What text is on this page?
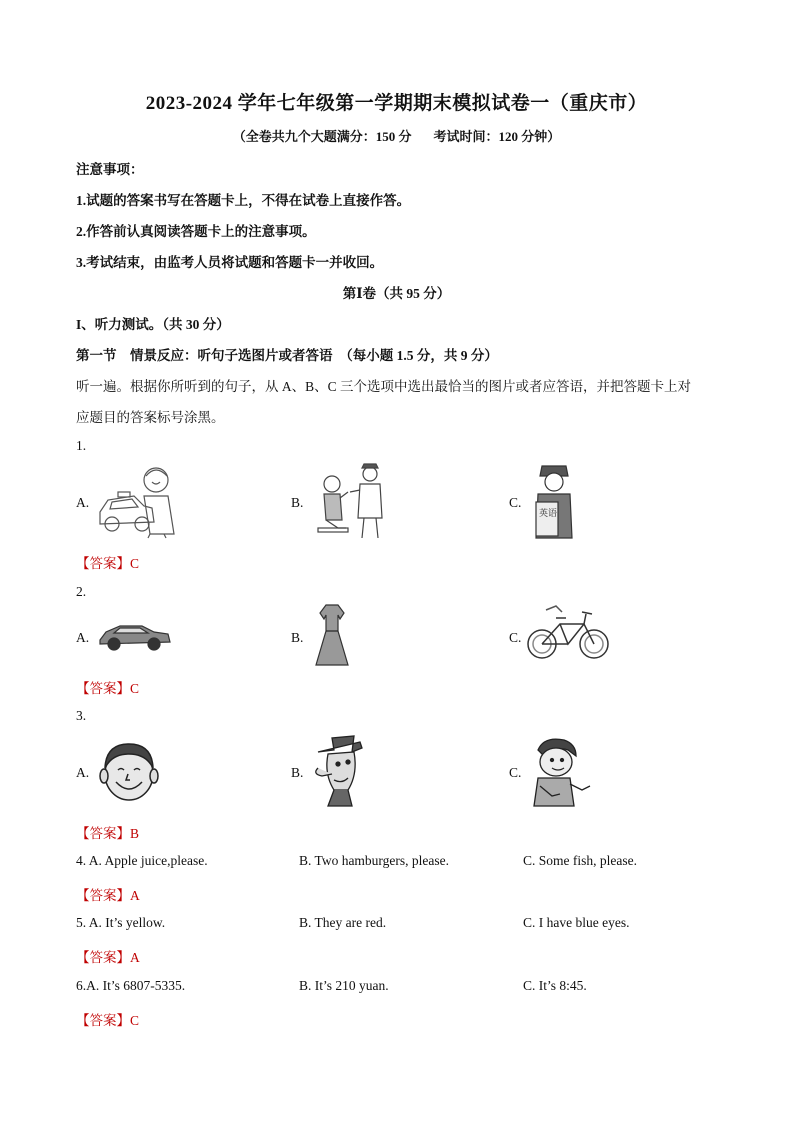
2023-2024 学年七年级第一学期期末模拟试卷一（重庆市）
（全卷共九个大题满分：150 分 考试时间：120 分钟）
注意事项：
1.试题的答案书写在答题卡上，不得在试卷上直接作答。
2.作答前认真阅读答题卡上的注意事项。
3.考试结束，由监考人员将试题和答题卡一并收回。
第Ⅰ卷（共 95 分）
I、听力测试。（共 30 分）
第一节　情景反应：听句子选图片或者答语　（每小题 1.5 分，共 9 分）
听一遍。根据你所听到的句子，从 A、B、C 三个选项中选出最恰当的图片或者应答语，并把答题卡上对
应题目的答案标号涂黑。
1.
A.	B.	C.
英语
【答案】C
2.
A.	B.	C.
【答案】C
3.
A.	B.	C.
【答案】B
4. A. Apple juice,please.	B. Two hamburgers, please.	C. Some fish, please.
【答案】A
5. A. It’s yellow.	B. They are red.	C. I have blue eyes.
【答案】A
6.A. It’s 6807-5335.	B. It’s 210 yuan.	C. It’s 8:45.
【答案】C
